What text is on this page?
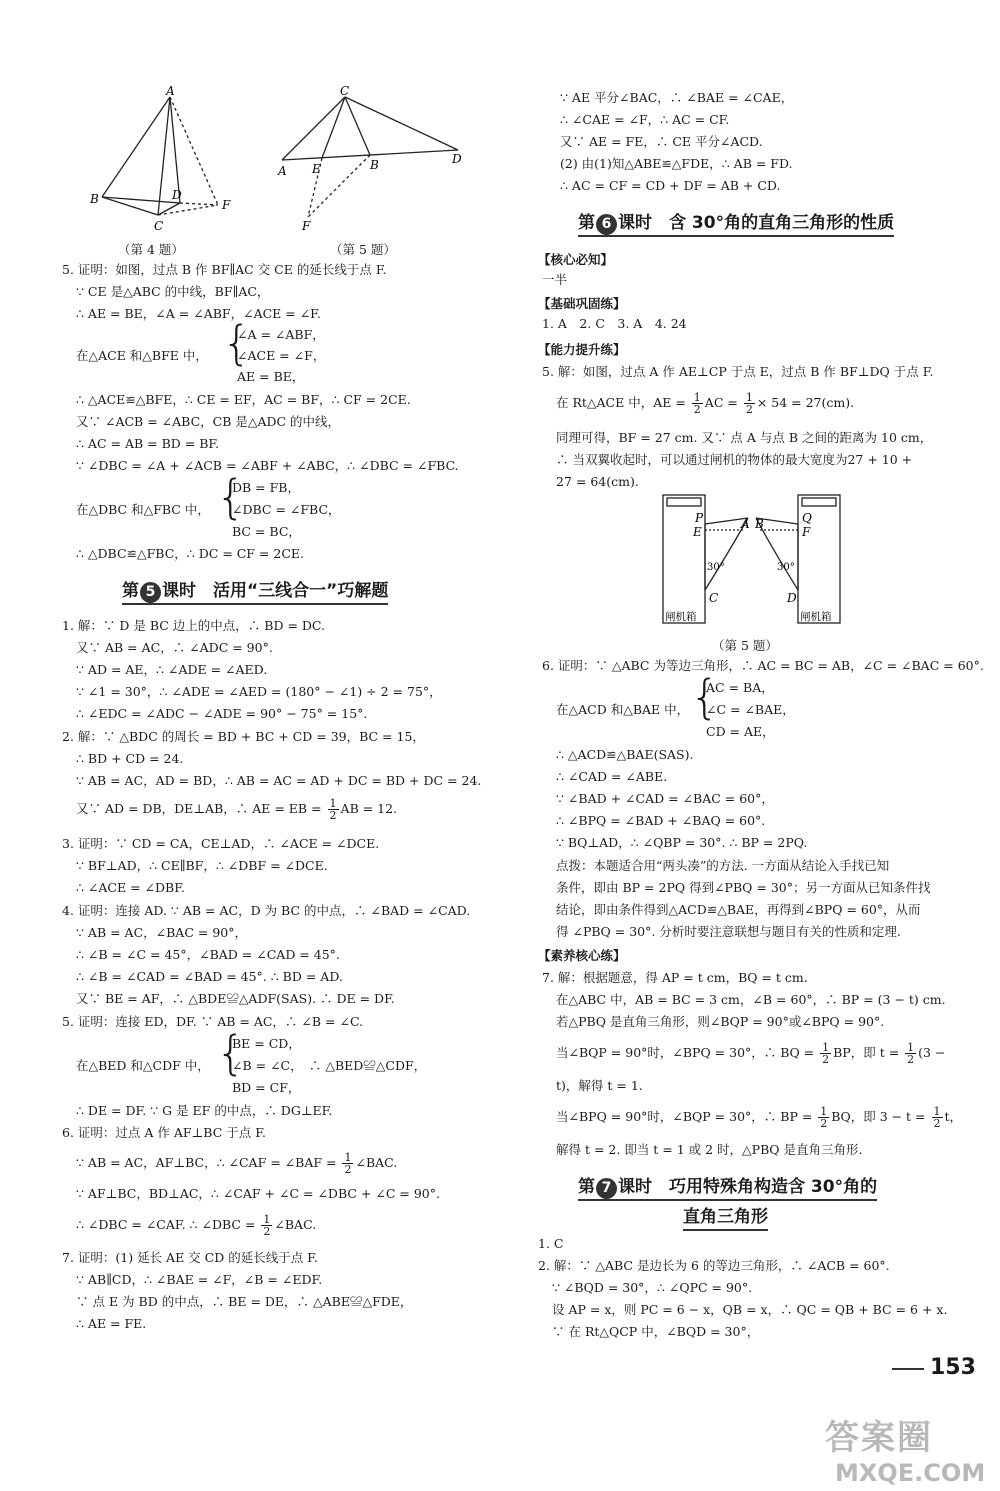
A
B
C
D
F
（第 4 题）
C
A E	B	D
F
（第 5 题）
5. 证明：如图，过点 B 作 BF∥AC 交 CE 的延长线于点 F.
∵ CE 是△ABC 的中线，BF∥AC，
∴ AE = BE，∠A = ∠ABF，∠ACE = ∠F.
在△ACE 和△BFE 中， {
∠A = ∠ABF，
∠ACE = ∠F，
AE = BE，
∴ △ACE≌△BFE，∴ CE = EF，AC = BF，∴ CF = 2CE.
又∵ ∠ACB = ∠ABC，CB 是△ADC 的中线，
∴ AC = AB = BD = BF.
∵ ∠DBC = ∠A + ∠ACB = ∠ABF + ∠ABC，∴ ∠DBC = ∠FBC.
在△DBC 和△FBC 中， {
DB = FB，
∠DBC = ∠FBC，
BC = BC，
∴ △DBC≌△FBC，∴ DC = CF = 2CE.
第 5 课时　活用“三线合一”巧解题
1. 解：∵ D 是 BC 边上的中点，∴ BD = DC.
又∵ AB = AC，∴ ∠ADC = 90°.
∵ AD = AE，∴ ∠ADE = ∠AED.
∵ ∠1 = 30°，∴ ∠ADE = ∠AED = (180° − ∠1) ÷ 2 = 75°，
∴ ∠EDC = ∠ADC − ∠ADE = 90° − 75° = 15°.
2. 解：∵ △BDC 的周长 = BD + BC + CD = 39，BC = 15，
∴ BD + CD = 24.
∵ AB = AC，AD = BD，∴ AB = AC = AD + DC = BD + DC = 24.
又∵ AD = DB，DE⊥AB，∴ AE = EB = $\frac{1}{2}$ AB = 12.
3. 证明：∵ CD = CA，CE⊥AD，∴ ∠ACE = ∠DCE.
∵ BF⊥AD，∴ CE∥BF，∴ ∠DBF = ∠DCE.
∴ ∠ACE = ∠DBF.
4. 证明：连接 AD. ∵ AB = AC，D 为 BC 的中点，∴ ∠BAD = ∠CAD.
∵ AB = AC，∠BAC = 90°，
∴ ∠B = ∠C = 45°，∠BAD = ∠CAD = 45°.
∴ ∠B = ∠CAD = ∠BAD = 45°. ∴ BD = AD.
又∵ BE = AF，∴ △BDE≌△ADF(SAS). ∴ DE = DF.
5. 证明：连接 ED，DF. ∵ AB = AC，∴ ∠B = ∠C.
在△BED 和△CDF 中， {
BE = CD，
∠B = ∠C，　∴ △BED≌△CDF，
BD = CF，
∴ DE = DF. ∵ G 是 EF 的中点，∴ DG⊥EF.
6. 证明：过点 A 作 AF⊥BC 于点 F.
∵ AB = AC，AF⊥BC，∴ ∠CAF = ∠BAF = $\frac{1}{2}$ ∠BAC.
∵ AF⊥BC，BD⊥AC，∴ ∠CAF + ∠C = ∠DBC + ∠C = 90°.
∴ ∠DBC = ∠CAF. ∴ ∠DBC = $\frac{1}{2}$ ∠BAC.
7. 证明：(1) 延长 AE 交 CD 的延长线于点 F.
∵ AB∥CD，∴ ∠BAE = ∠F，∠B = ∠EDF.
∵ 点 E 为 BD 的中点，∴ BE = DE，∴ △ABE≌△FDE，
∴ AE = FE.
∵ AE 平分∠BAC，∴ ∠BAE = ∠CAE，
∴ ∠CAE = ∠F，∴ AC = CF.
又∵ AE = FE，∴ CE 平分∠ACD.
(2) 由(1)知△ABE≌△FDE，∴ AB = FD.
∴ AC = CF = CD + DF = AB + CD.
第 6 课时　含 30°角的直角三角形的性质
【核心必知】
一半
【基础巩固练】
1. A　2. C　3. A　4. 24
【能力提升练】
5. 解：如图，过点 A 作 AE⊥CP 于点 E，过点 B 作 BF⊥DQ 于点 F.
在 Rt△ACE 中，AE = $\frac{1}{2}$ AC = $\frac{1}{2} \times 54 = 27(cm)$.
同理可得，BF = 27 cm. 又∵ 点 A 与点 B 之间的距离为 10 cm，
∴ 当双翼收起时，可以通过闸机的物体的最大宽度为27 + 10 +
27 = 64(cm).
P
E
A B	Q
F
C	D
30°	30°
闸机箱	闸机箱
（第 5 题）
6. 证明：∵ △ABC 为等边三角形，∴ AC = BC = AB，∠C = ∠BAC = 60°.
在△ACD 和△BAE 中， {
AC = BA，
∠C = ∠BAE，
CD = AE，
∴ △ACD≌△BAE(SAS).
∴ ∠CAD = ∠ABE.
∵ ∠BAD + ∠CAD = ∠BAC = 60°，
∴ ∠BPQ = ∠BAD + ∠BAQ = 60°.
∵ BQ⊥AD，∴ ∠QBP = 30°. ∴ BP = 2PQ.
点拨：本题适合用“两头凑”的方法. 一方面从结论入手找已知
条件，即由 BP = 2PQ 得到∠PBQ = 30°；另一方面从已知条件找
结论，即由条件得到△ACD≌△BAE，再得到∠BPQ = 60°，从而
得 ∠PBQ = 30°. 分析时要注意联想与题目有关的性质和定理.
【素养核心练】
7. 解：根据题意，得 AP = t cm，BQ = t cm.
在△ABC 中，AB = BC = 3 cm，∠B = 60°，∴ BP = (3 − t) cm.
若△PBQ 是直角三角形，则∠BQP = 90°或∠BPQ = 90°.
当∠BQP = 90°时，∠BPQ = 30°，∴ BQ = $\frac{1}{2}$ BP，即 $t = \frac{1}{2} (3$ −
t)，解得 t = 1.
当∠BPQ = 90°时，∠BQP = 30°，∴ BP = $\frac{1}{2}$ BQ，即 $3 - t = \frac{1}{2}$ t，
解得 t = 2. 即当 t = 1 或 2 时，△PBQ 是直角三角形.
第 7 课时　巧用特殊角构造含 30°角的
直角三角形
1. C
2. 解：∵ △ABC 是边长为 6 的等边三角形，∴ ∠ACB = 60°.
∵ ∠BQD = 30°，∴ ∠QPC = 90°.
设 AP = x，则 PC = 6 − x，QB = x，∴ QC = QB + BC = 6 + x.
∵ 在 Rt△QCP 中，∠BQD = 30°，
153
答案圈
MXQE.COM
